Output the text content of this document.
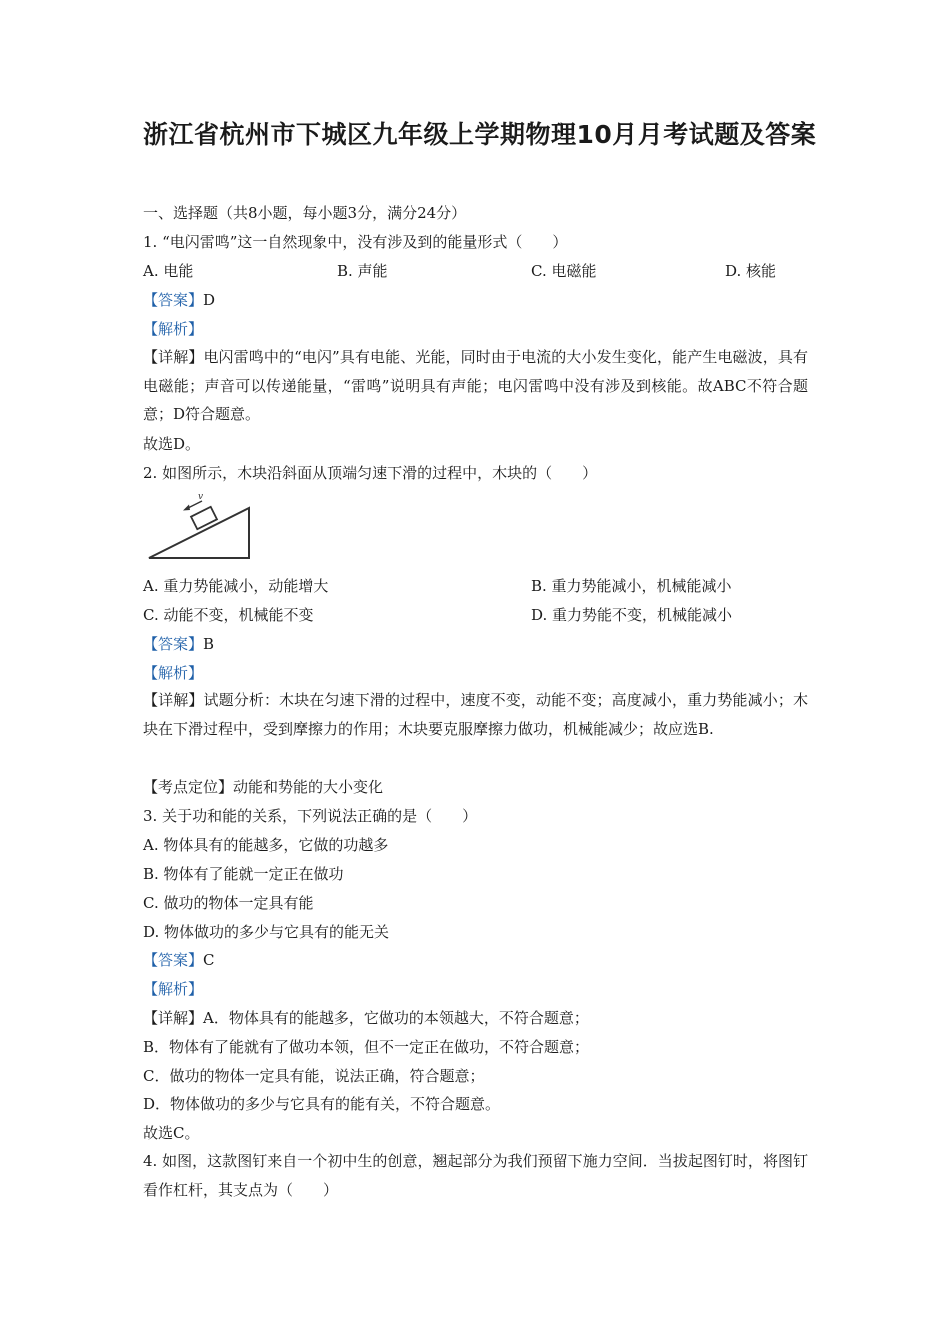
浙江省杭州市下城区九年级上学期物理10月月考试题及答案
一、选择题（共8小题，每小题3分，满分24分）
1. “电闪雷鸣”这一自然现象中，没有涉及到的能量形式（　　）
A. 电能	B. 声能	C. 电磁能	D. 核能
【答案】D
【解析】
【详解】电闪雷鸣中的“电闪”具有电能、光能，同时由于电流的大小发生变化，能产生电磁波，具有电磁能；声音可以传递能量，“雷鸣”说明具有声能；电闪雷鸣中没有涉及到核能。故ABC不符合题意；D符合题意。
故选D。
2. 如图所示，木块沿斜面从顶端匀速下滑的过程中，木块的（　　）
v
A. 重力势能减小，动能增大	B. 重力势能减小，机械能减小
C. 动能不变，机械能不变	D. 重力势能不变，机械能减小
【答案】B
【解析】
【详解】试题分析：木块在匀速下滑的过程中，速度不变，动能不变；高度减小，重力势能减小；木块在下滑过程中，受到摩擦力的作用；木块要克服摩擦力做功，机械能减少；故应选B.
【考点定位】动能和势能的大小变化
3. 关于功和能的关系，下列说法正确的是（　　）
A. 物体具有的能越多，它做的功越多
B. 物体有了能就一定正在做功
C. 做功的物体一定具有能
D. 物体做功的多少与它具有的能无关
【答案】C
【解析】
【详解】A．物体具有的能越多，它做功的本领越大，不符合题意；
B．物体有了能就有了做功本领，但不一定正在做功，不符合题意；
C．做功的物体一定具有能，说法正确，符合题意；
D．物体做功的多少与它具有的能有关，不符合题意。
故选C。
4. 如图，这款图钉来自一个初中生的创意，翘起部分为我们预留下施力空间．当拔起图钉时，将图钉看作杠杆，其支点为（　　）
